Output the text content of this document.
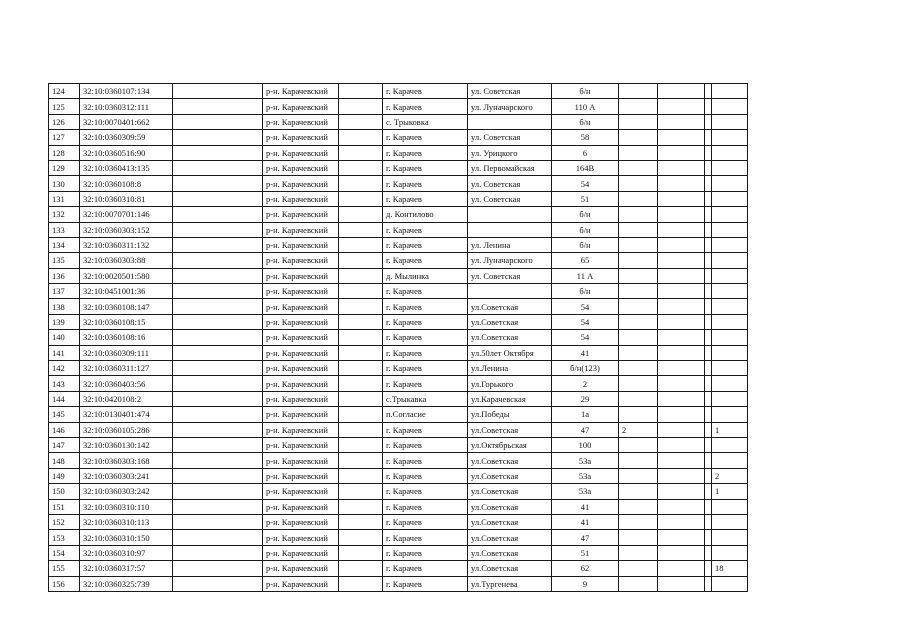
124	32:10:0360107:134		р-н. Карачевский		г. Карачев	ул. Советская	б/н				
125	32:10:0360312:111		р-н. Карачевский		г. Карачев	ул. Луначарского	110 А				
126	32:10:0070401:662		р-н. Карачевский		с. Трыковка		б/н				
127	32:10:0360309:59		р-н. Карачевский		г. Карачев	ул. Советская	58				
128	32:10:0360516:90		р-н. Карачевский		г. Карачев	ул. Урицкого	6				
129	32:10:0360413:135		р-н. Карачевский		г. Карачев	ул. Первомайская	164В				
130	32:10:0360108:8		р-н. Карачевский		г. Карачев	ул. Советская	54				
131	32:10:0360310:81		р-н. Карачевский		г. Карачев	ул. Советская	51				
132	32:10:0070701:146		р-н. Карачевский		д. Контилово		б/н				
133	32:10:0360303:152		р-н. Карачевский		г. Карачев		б/н				
134	32:10:0360311:132		р-н. Карачевский		г. Карачев	ул. Ленина	б/н				
135	32:10:0360303:88		р-н. Карачевский		г. Карачев	ул. Луначарского	65				
136	32:10:0020501:580		р-н. Карачевский		д. Мылинка	ул. Советская	11 А				
137	32:10:0451001:36		р-н. Карачевский		г. Карачев		б/н				
138	32:10:0360108:147		р-н. Карачевский		г. Карачев	ул.Советская	54				
139	32:10:0360108:15		р-н. Карачевский		г. Карачев	ул.Советская	54				
140	32:10:0360108:16		р-н. Карачевский		г. Карачев	ул.Советская	54				
141	32:10:0360309:111		р-н. Карачевский		г. Карачев	ул.50лет Октября	41				
142	32:10:0360311:127		р-н. Карачевский		г. Карачев	ул.Ленина	б/н(123)				
143	32:10:0360403:56		р-н. Карачевский		г. Карачев	ул.Горького	2				
144	32:10:0420108:2		р-н. Карачевский		с.Трыкавка	ул.Карачевская	29				
145	32:10:0130401:474		р-н. Карачевский		п.Согласие	ул.Победы	1а				
146	32:10:0360105:286		р-н. Карачевский		г. Карачев	ул.Советская	47	2			1
147	32:10:0360130:142		р-н. Карачевский		г. Карачев	ул.Октябрьская	100				
148	32:10:0360303:168		р-н. Карачевский		г. Карачев	ул.Советская	53а				
149	32:10:0360303:241		р-н. Карачевский		г. Карачев	ул.Советская	53а				2
150	32:10:0360303:242		р-н. Карачевский		г. Карачев	ул.Советская	53а				1
151	32:10:0360310:110		р-н. Карачевский		г. Карачев	ул.Советская	41				
152	32:10:0360310:113		р-н. Карачевский		г. Карачев	ул.Советская	41				
153	32:10:0360310:150		р-н. Карачевский		г. Карачев	ул.Советская	47				
154	32:10:0360310:97		р-н. Карачевский		г. Карачев	ул.Советская	51				
155	32:10:0360317:57		р-н. Карачевский		г. Карачев	ул.Советская	62				18
156	32:10:0360325:739		р-н. Карачевский		г. Карачев	ул.Тургенева	9				
